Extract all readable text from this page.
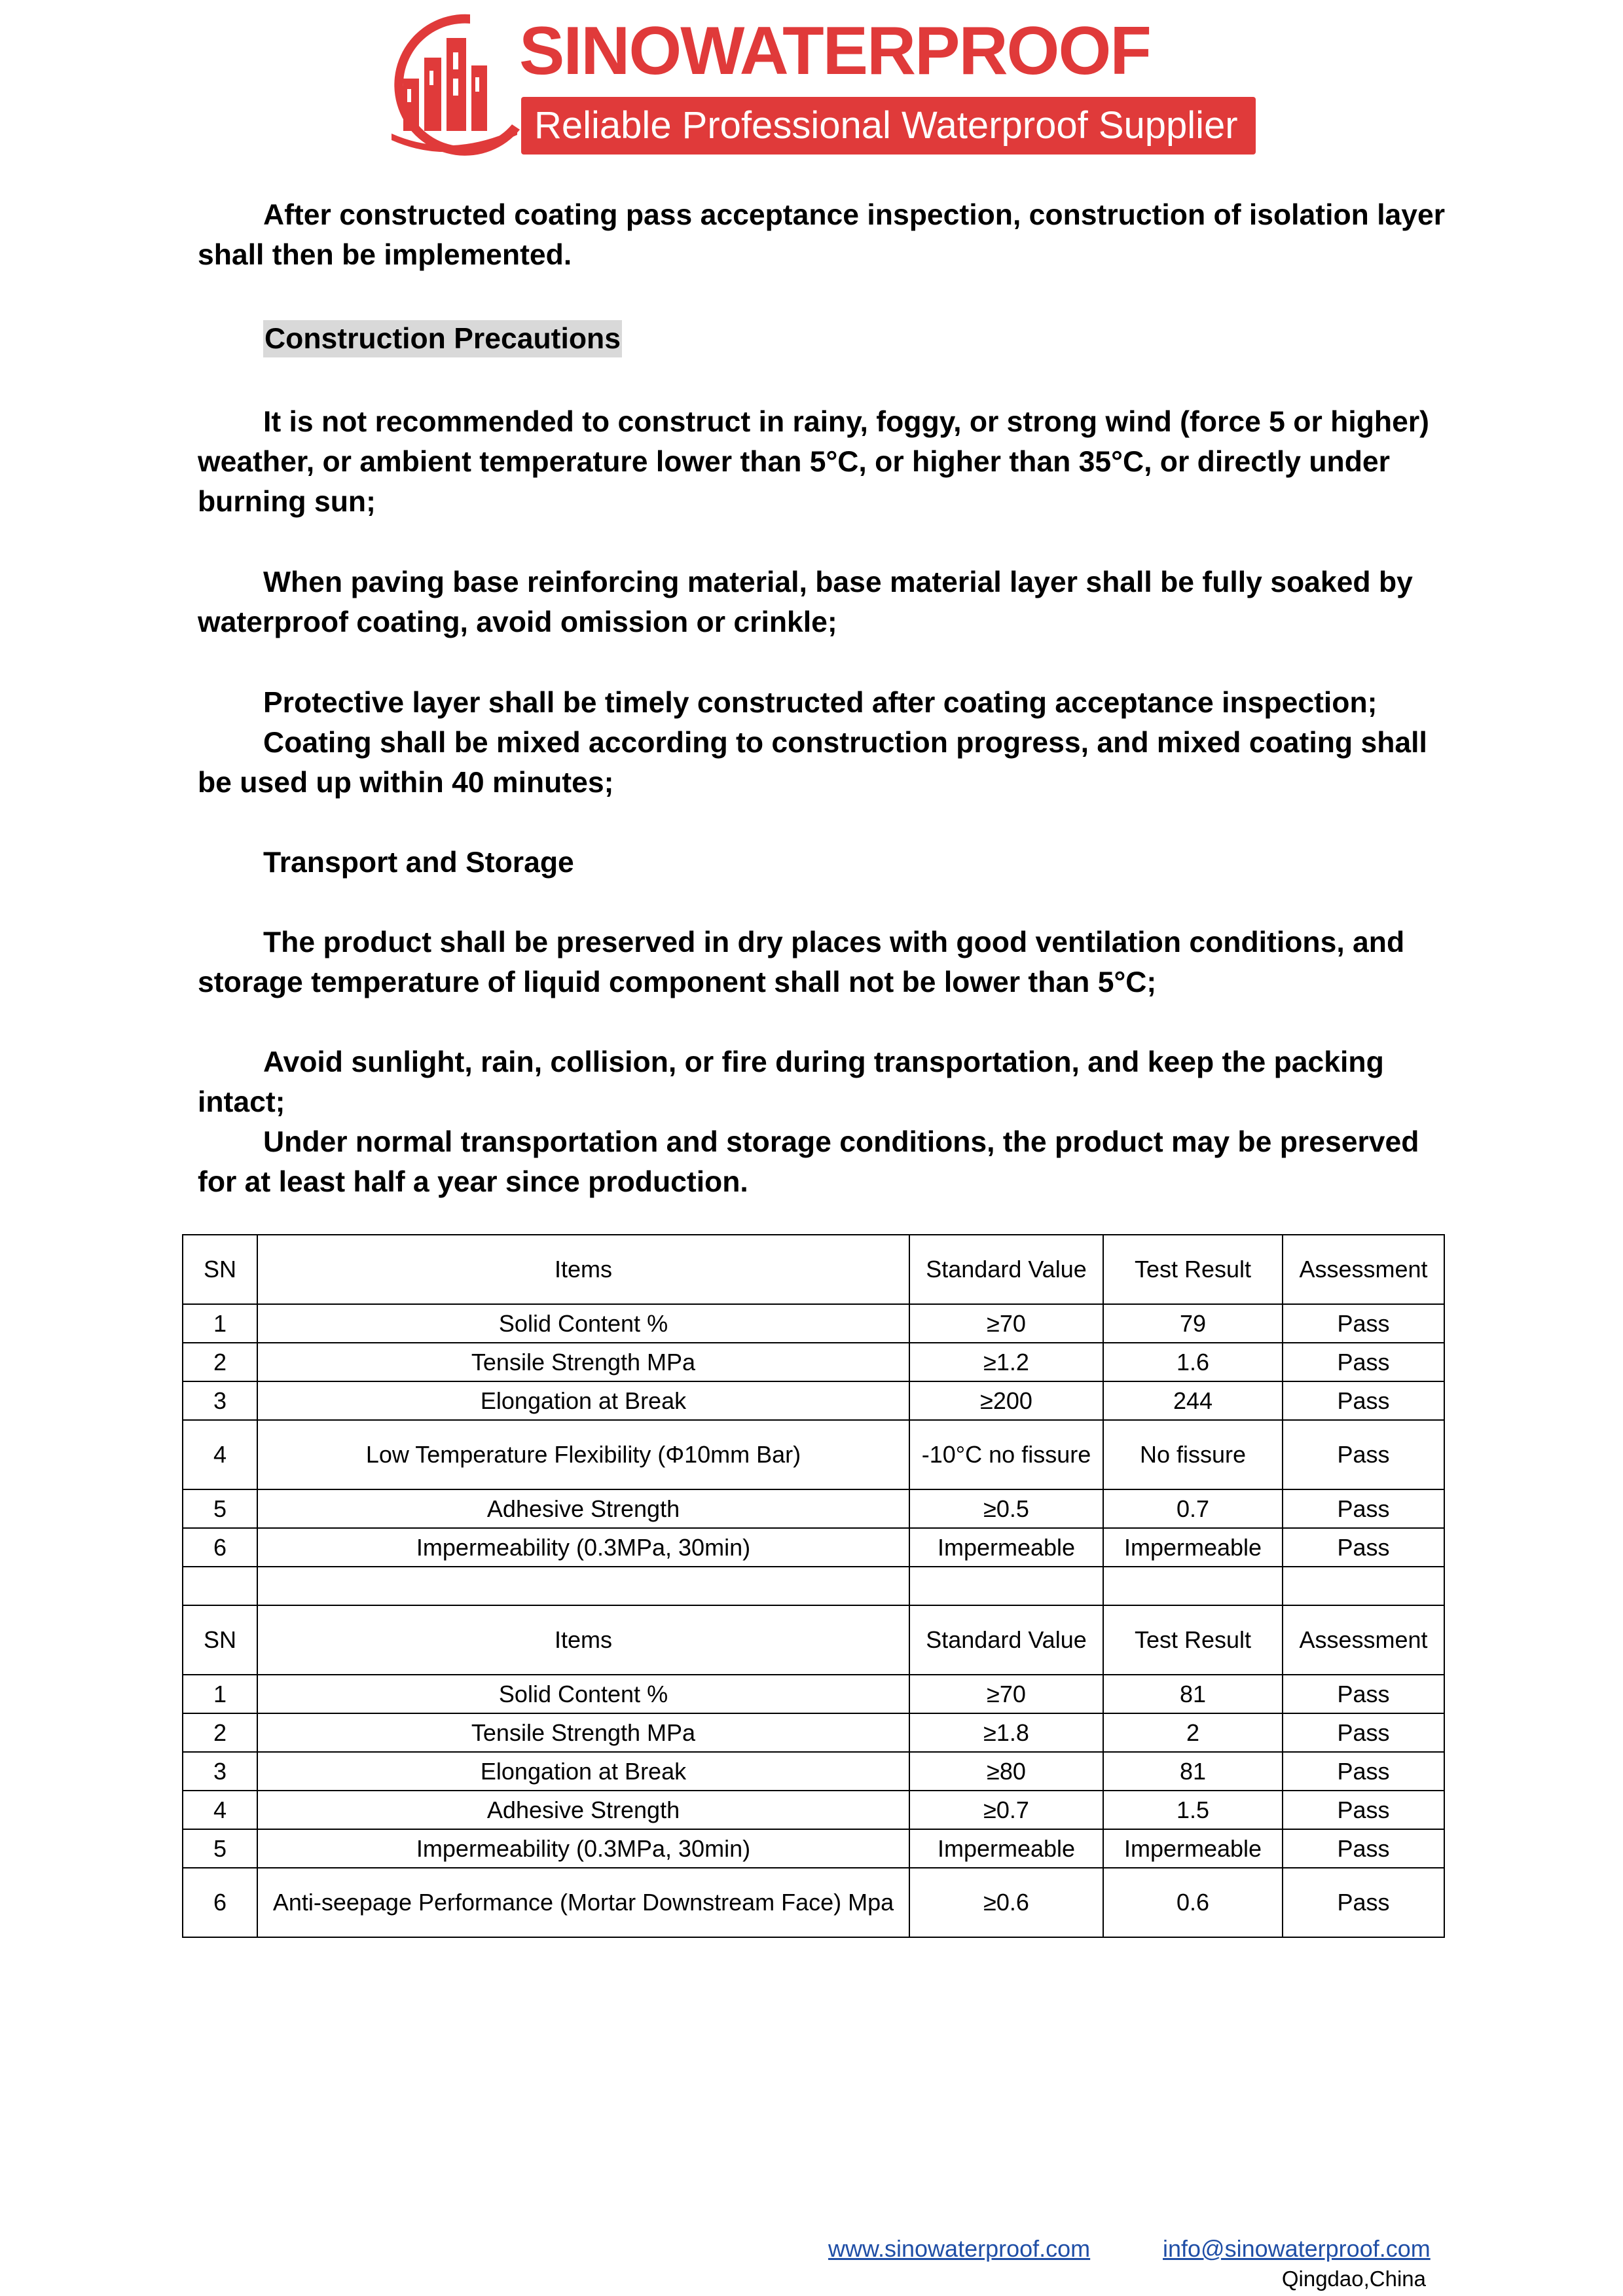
SINOWATERPROOF
Reliable Professional Waterproof Supplier

After constructed coating pass acceptance inspection, construction of isolation layer shall then be implemented.

Construction Precautions

It is not recommended to construct in rainy, foggy, or strong wind (force 5 or higher) weather, or ambient temperature lower than 5°C, or higher than 35°C, or directly under burning sun;

When paving base reinforcing material, base material layer shall be fully soaked by waterproof coating, avoid omission or crinkle;

Protective layer shall be timely constructed after coating acceptance inspection;

Coating shall be mixed according to construction progress, and mixed coating shall be used up within 40 minutes;

Transport and Storage

The product shall be preserved in dry places with good ventilation conditions, and storage temperature of liquid component shall not be lower than 5°C;

Avoid sunlight, rain, collision, or fire during transportation, and keep the packing intact;

Under normal transportation and storage conditions, the product may be preserved for at least half a year since production.

SN	Items	Standard Value	Test Result	Assessment
1	Solid Content %	≥70	79	Pass
2	Tensile Strength MPa	≥1.2	1.6	Pass
3	Elongation at Break	≥200	244	Pass
4	Low Temperature Flexibility (Φ10mm Bar)	-10°C no fissure	No fissure	Pass
5	Adhesive Strength	≥0.5	0.7	Pass
6	Impermeability (0.3MPa, 30min)	Impermeable	Impermeable	Pass

SN	Items	Standard Value	Test Result	Assessment
1	Solid Content %	≥70	81	Pass
2	Tensile Strength MPa	≥1.8	2	Pass
3	Elongation at Break	≥80	81	Pass
4	Adhesive Strength	≥0.7	1.5	Pass
5	Impermeability (0.3MPa, 30min)	Impermeable	Impermeable	Pass
6	Anti-seepage Performance (Mortar Downstream Face) Mpa	≥0.6	0.6	Pass
www.sinowaterproof.com	info@sinowaterproof.com
Qingdao,China
